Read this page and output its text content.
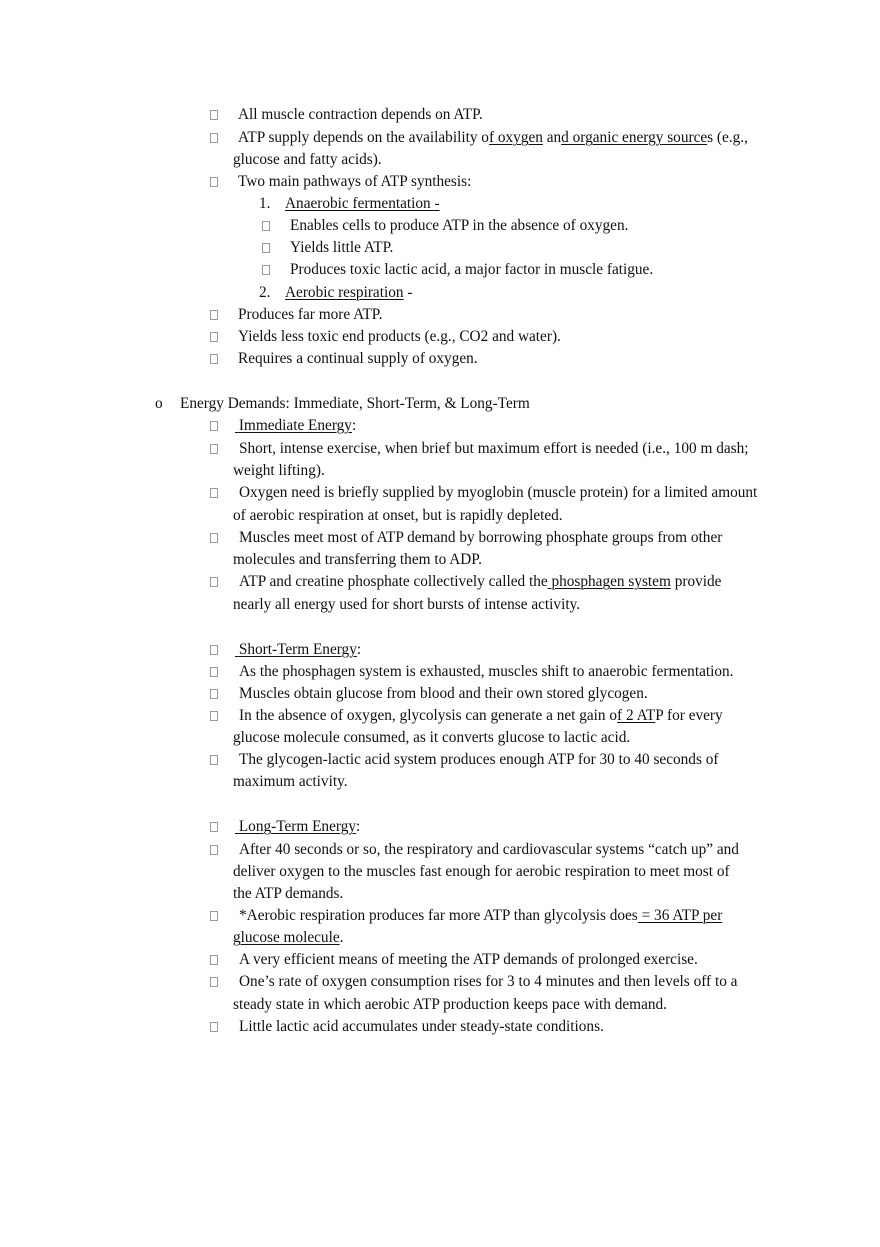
All muscle contraction depends on ATP.
ATP supply depends on the availability of oxygen and organic energy sources (e.g.,
glucose and fatty acids).
Two main pathways of ATP synthesis:
1. Anaerobic fermentation -
Enables cells to produce ATP in the absence of oxygen.
Yields little ATP.
Produces toxic lactic acid, a major factor in muscle fatigue.
2. Aerobic respiration -
Produces far more ATP.
Yields less toxic end products (e.g., CO2 and water).
Requires a continual supply of oxygen.
o Energy Demands: Immediate, Short-Term, & Long-Term
Immediate Energy:
Short, intense exercise, when brief but maximum effort is needed (i.e., 100 m dash;
weight lifting).
Oxygen need is briefly supplied by myoglobin (muscle protein) for a limited amount
of aerobic respiration at onset, but is rapidly depleted.
Muscles meet most of ATP demand by borrowing phosphate groups from other
molecules and transferring them to ADP.
ATP and creatine phosphate collectively called the phosphagen system provide
nearly all energy used for short bursts of intense activity.
Short-Term Energy:
As the phosphagen system is exhausted, muscles shift to anaerobic fermentation.
Muscles obtain glucose from blood and their own stored glycogen.
In the absence of oxygen, glycolysis can generate a net gain of 2 ATP for every
glucose molecule consumed, as it converts glucose to lactic acid.
The glycogen-lactic acid system produces enough ATP for 30 to 40 seconds of
maximum activity.
Long-Term Energy:
After 40 seconds or so, the respiratory and cardiovascular systems “catch up” and
deliver oxygen to the muscles fast enough for aerobic respiration to meet most of
the ATP demands.
*Aerobic respiration produces far more ATP than glycolysis does = 36 ATP per
glucose molecule.
A very efficient means of meeting the ATP demands of prolonged exercise.
One’s rate of oxygen consumption rises for 3 to 4 minutes and then levels off to a
steady state in which aerobic ATP production keeps pace with demand.
Little lactic acid accumulates under steady-state conditions.
